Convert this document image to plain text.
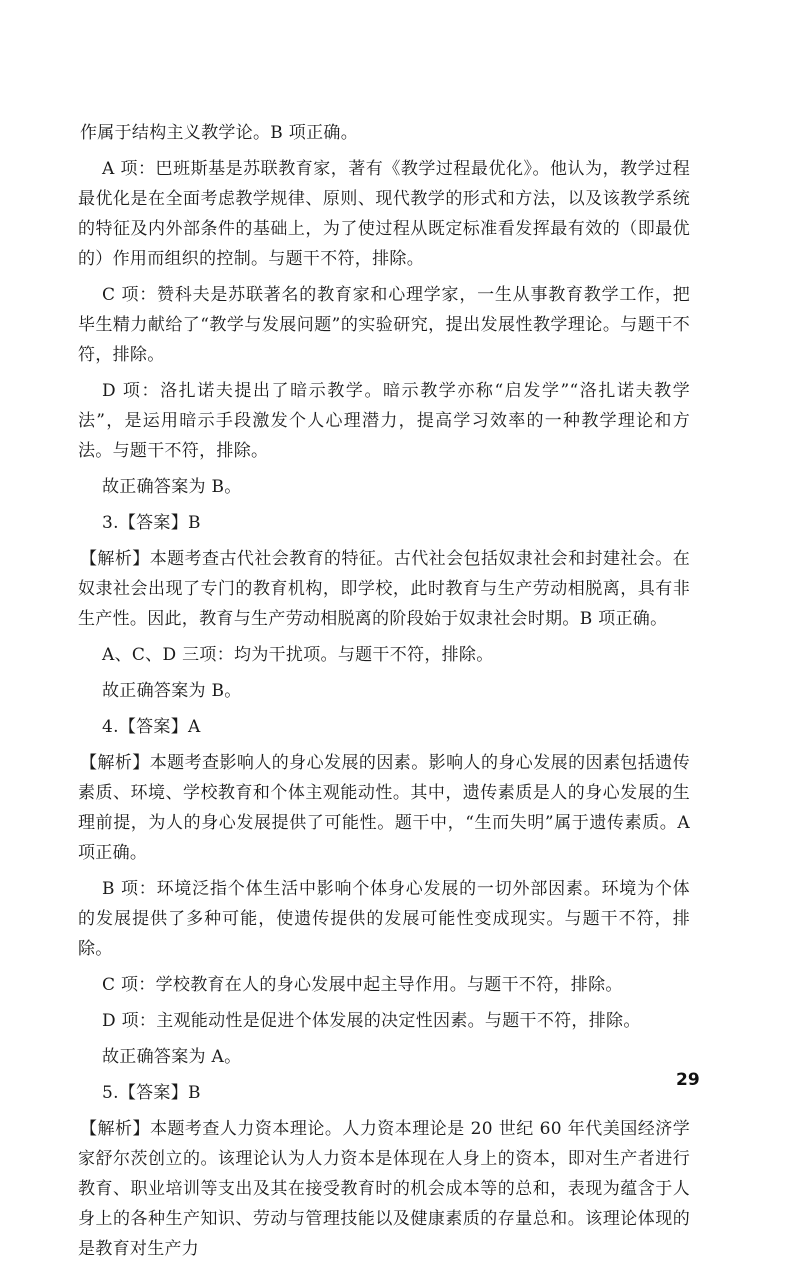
作属于结构主义教学论。B 项正确。

A 项：巴班斯基是苏联教育家，著有《教学过程最优化》。他认为，教学过程最优化是在全面考虑教学规律、原则、现代教学的形式和方法，以及该教学系统的特征及内外部条件的基础上，为了使过程从既定标准看发挥最有效的（即最优的）作用而组织的控制。与题干不符，排除。

C 项：赞科夫是苏联著名的教育家和心理学家，一生从事教育教学工作，把毕生精力献给了“教学与发展问题”的实验研究，提出发展性教学理论。与题干不符，排除。

D 项：洛扎诺夫提出了暗示教学。暗示教学亦称“启发学”“洛扎诺夫教学法”，是运用暗示手段激发个人心理潜力，提高学习效率的一种教学理论和方法。与题干不符，排除。

故正确答案为 B。

3.【答案】B

【解析】本题考查古代社会教育的特征。古代社会包括奴隶社会和封建社会。在奴隶社会出现了专门的教育机构，即学校，此时教育与生产劳动相脱离，具有非生产性。因此，教育与生产劳动相脱离的阶段始于奴隶社会时期。B 项正确。

A、C、D 三项：均为干扰项。与题干不符，排除。

故正确答案为 B。

4.【答案】A

【解析】本题考查影响人的身心发展的因素。影响人的身心发展的因素包括遗传素质、环境、学校教育和个体主观能动性。其中，遗传素质是人的身心发展的生理前提，为人的身心发展提供了可能性。题干中，“生而失明”属于遗传素质。A 项正确。

B 项：环境泛指个体生活中影响个体身心发展的一切外部因素。环境为个体的发展提供了多种可能，使遗传提供的发展可能性变成现实。与题干不符，排除。

C 项：学校教育在人的身心发展中起主导作用。与题干不符，排除。

D 项：主观能动性是促进个体发展的决定性因素。与题干不符，排除。

故正确答案为 A。

5.【答案】B

【解析】本题考查人力资本理论。人力资本理论是 20 世纪 60 年代美国经济学家舒尔茨创立的。该理论认为人力资本是体现在人身上的资本，即对生产者进行教育、职业培训等支出及其在接受教育时的机会成本等的总和，表现为蕴含于人身上的各种生产知识、劳动与管理技能以及健康素质的存量总和。该理论体现的是教育对生产力

29
